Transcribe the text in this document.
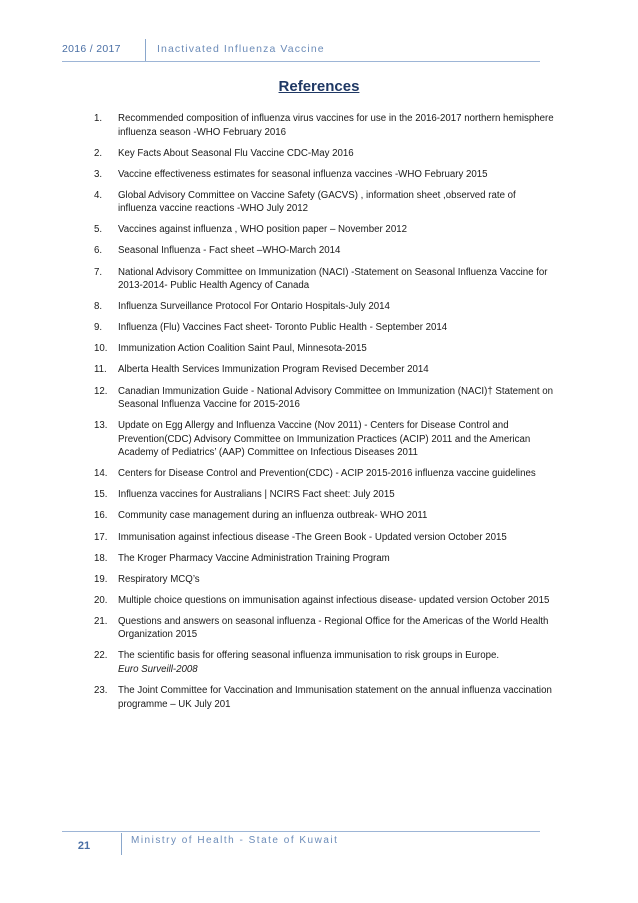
2016 / 2017	Inactivated Influenza Vaccine
References
1.	Recommended composition of influenza virus vaccines for use in the 2016-2017 northern hemisphere influenza season -WHO February 2016
2.	Key Facts About Seasonal Flu Vaccine CDC-May 2016
3.	Vaccine effectiveness estimates for seasonal influenza vaccines -WHO February 2015
4.	Global Advisory Committee on Vaccine Safety (GACVS) , information sheet ,observed rate of influenza vaccine reactions -WHO July 2012
5.	Vaccines against influenza , WHO position paper – November 2012
6.	Seasonal Influenza - Fact sheet –WHO-March 2014
7.	National Advisory Committee on Immunization (NACI) -Statement on Seasonal Influenza Vaccine for 2013-2014- Public Health Agency of Canada
8.	Influenza Surveillance Protocol For Ontario Hospitals-July 2014
9.	Influenza (Flu) Vaccines Fact sheet- Toronto Public Health - September 2014
10.	Immunization Action Coalition Saint Paul, Minnesota-2015
11.	Alberta Health Services Immunization Program Revised December 2014
12.	Canadian Immunization Guide - National Advisory Committee on Immunization (NACI)† Statement on Seasonal Influenza Vaccine for 2015-2016
13.	Update on Egg Allergy and Influenza Vaccine (Nov 2011) - Centers for Disease Control and Prevention(CDC) Advisory Committee on Immunization Practices (ACIP) 2011 and the American Academy of Pediatrics’ (AAP) Committee on Infectious Diseases 2011
14.	Centers for Disease Control and Prevention(CDC) - ACIP 2015-2016 influenza vaccine guidelines
15.	Influenza vaccines for Australians | NCIRS Fact sheet: July 2015
16.	Community case management during an influenza outbreak- WHO 2011
17.	Immunisation against infectious disease -The Green Book - Updated version October 2015
18.	The Kroger Pharmacy Vaccine Administration Training Program
19.	Respiratory MCQ’s
20.	Multiple choice questions on immunisation against infectious disease- updated version October 2015
21.	Questions and answers on seasonal influenza - Regional Office for the Americas of the World Health Organization 2015
22.	The scientific basis for offering seasonal influenza immunisation to risk groups in Europe.
Euro Surveill-2008
23.	The Joint Committee for Vaccination and Immunisation statement on the annual influenza vaccination programme – UK July 201
21	Ministry of Health - State of Kuwait
